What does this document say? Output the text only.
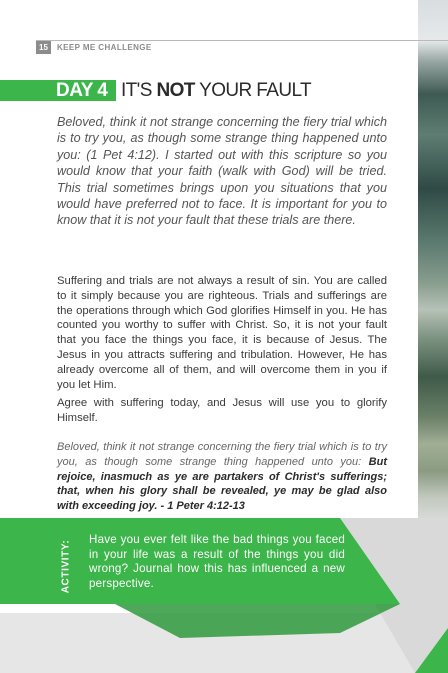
15	KEEP ME CHALLENGE
DAY 4 IT'S NOT YOUR FAULT

Beloved, think it not strange concerning the fiery trial which is to try you, as though some strange thing happened unto you: (1 Pet 4:12). I started out with this scripture so you would know that your faith (walk with God) will be tried. This trial sometimes brings upon you situations that you would have preferred not to face. It is important for you to know that it is not your fault that these trials are there.

Suffering and trials are not always a result of sin. You are called to it simply because you are righteous. Trials and sufferings are the operations through which God glorifies Himself in you. He has counted you worthy to suffer with Christ. So, it is not your fault that you face the things you face, it is because of Jesus. The Jesus in you attracts suffering and tribulation. However, He has already overcome all of them, and will overcome them in you if you let Him.

Agree with suffering today, and Jesus will use you to glorify Himself.

Beloved, think it not strange concerning the fiery trial which is to try you, as though some strange thing happened unto you: But rejoice, inasmuch as ye are partakers of Christ's sufferings; that, when his glory shall be revealed, ye may be glad also with exceeding joy. - 1 Peter 4:12-13

ACTIVITY: Have you ever felt like the bad things you faced in your life was a result of the things you did wrong? Journal how this has influenced a new perspective.
